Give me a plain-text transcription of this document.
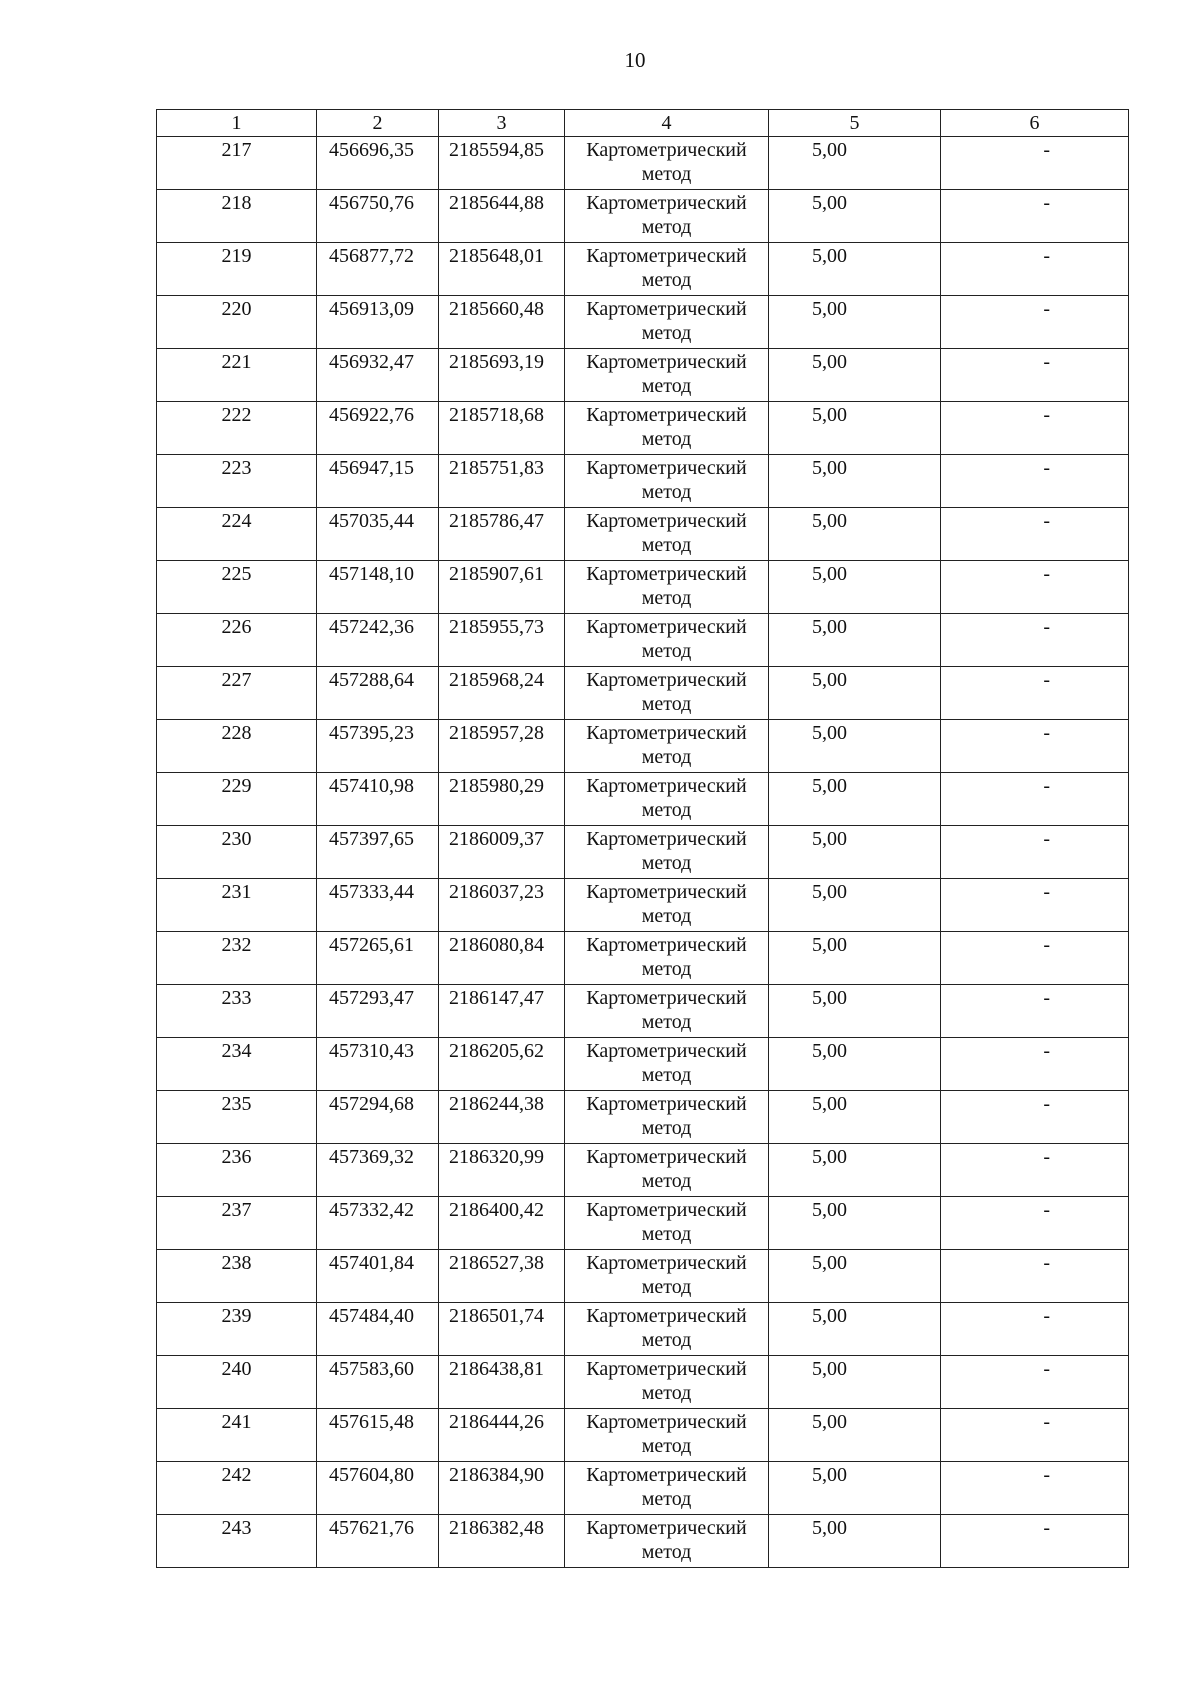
10
1	2	3	4	5	6
217	456696,35	2185594,85	Картометрический метод	5,00	-
218	456750,76	2185644,88	Картометрический метод	5,00	-
219	456877,72	2185648,01	Картометрический метод	5,00	-
220	456913,09	2185660,48	Картометрический метод	5,00	-
221	456932,47	2185693,19	Картометрический метод	5,00	-
222	456922,76	2185718,68	Картометрический метод	5,00	-
223	456947,15	2185751,83	Картометрический метод	5,00	-
224	457035,44	2185786,47	Картометрический метод	5,00	-
225	457148,10	2185907,61	Картометрический метод	5,00	-
226	457242,36	2185955,73	Картометрический метод	5,00	-
227	457288,64	2185968,24	Картометрический метод	5,00	-
228	457395,23	2185957,28	Картометрический метод	5,00	-
229	457410,98	2185980,29	Картометрический метод	5,00	-
230	457397,65	2186009,37	Картометрический метод	5,00	-
231	457333,44	2186037,23	Картометрический метод	5,00	-
232	457265,61	2186080,84	Картометрический метод	5,00	-
233	457293,47	2186147,47	Картометрический метод	5,00	-
234	457310,43	2186205,62	Картометрический метод	5,00	-
235	457294,68	2186244,38	Картометрический метод	5,00	-
236	457369,32	2186320,99	Картометрический метод	5,00	-
237	457332,42	2186400,42	Картометрический метод	5,00	-
238	457401,84	2186527,38	Картометрический метод	5,00	-
239	457484,40	2186501,74	Картометрический метод	5,00	-
240	457583,60	2186438,81	Картометрический метод	5,00	-
241	457615,48	2186444,26	Картометрический метод	5,00	-
242	457604,80	2186384,90	Картометрический метод	5,00	-
243	457621,76	2186382,48	Картометрический метод	5,00	-
